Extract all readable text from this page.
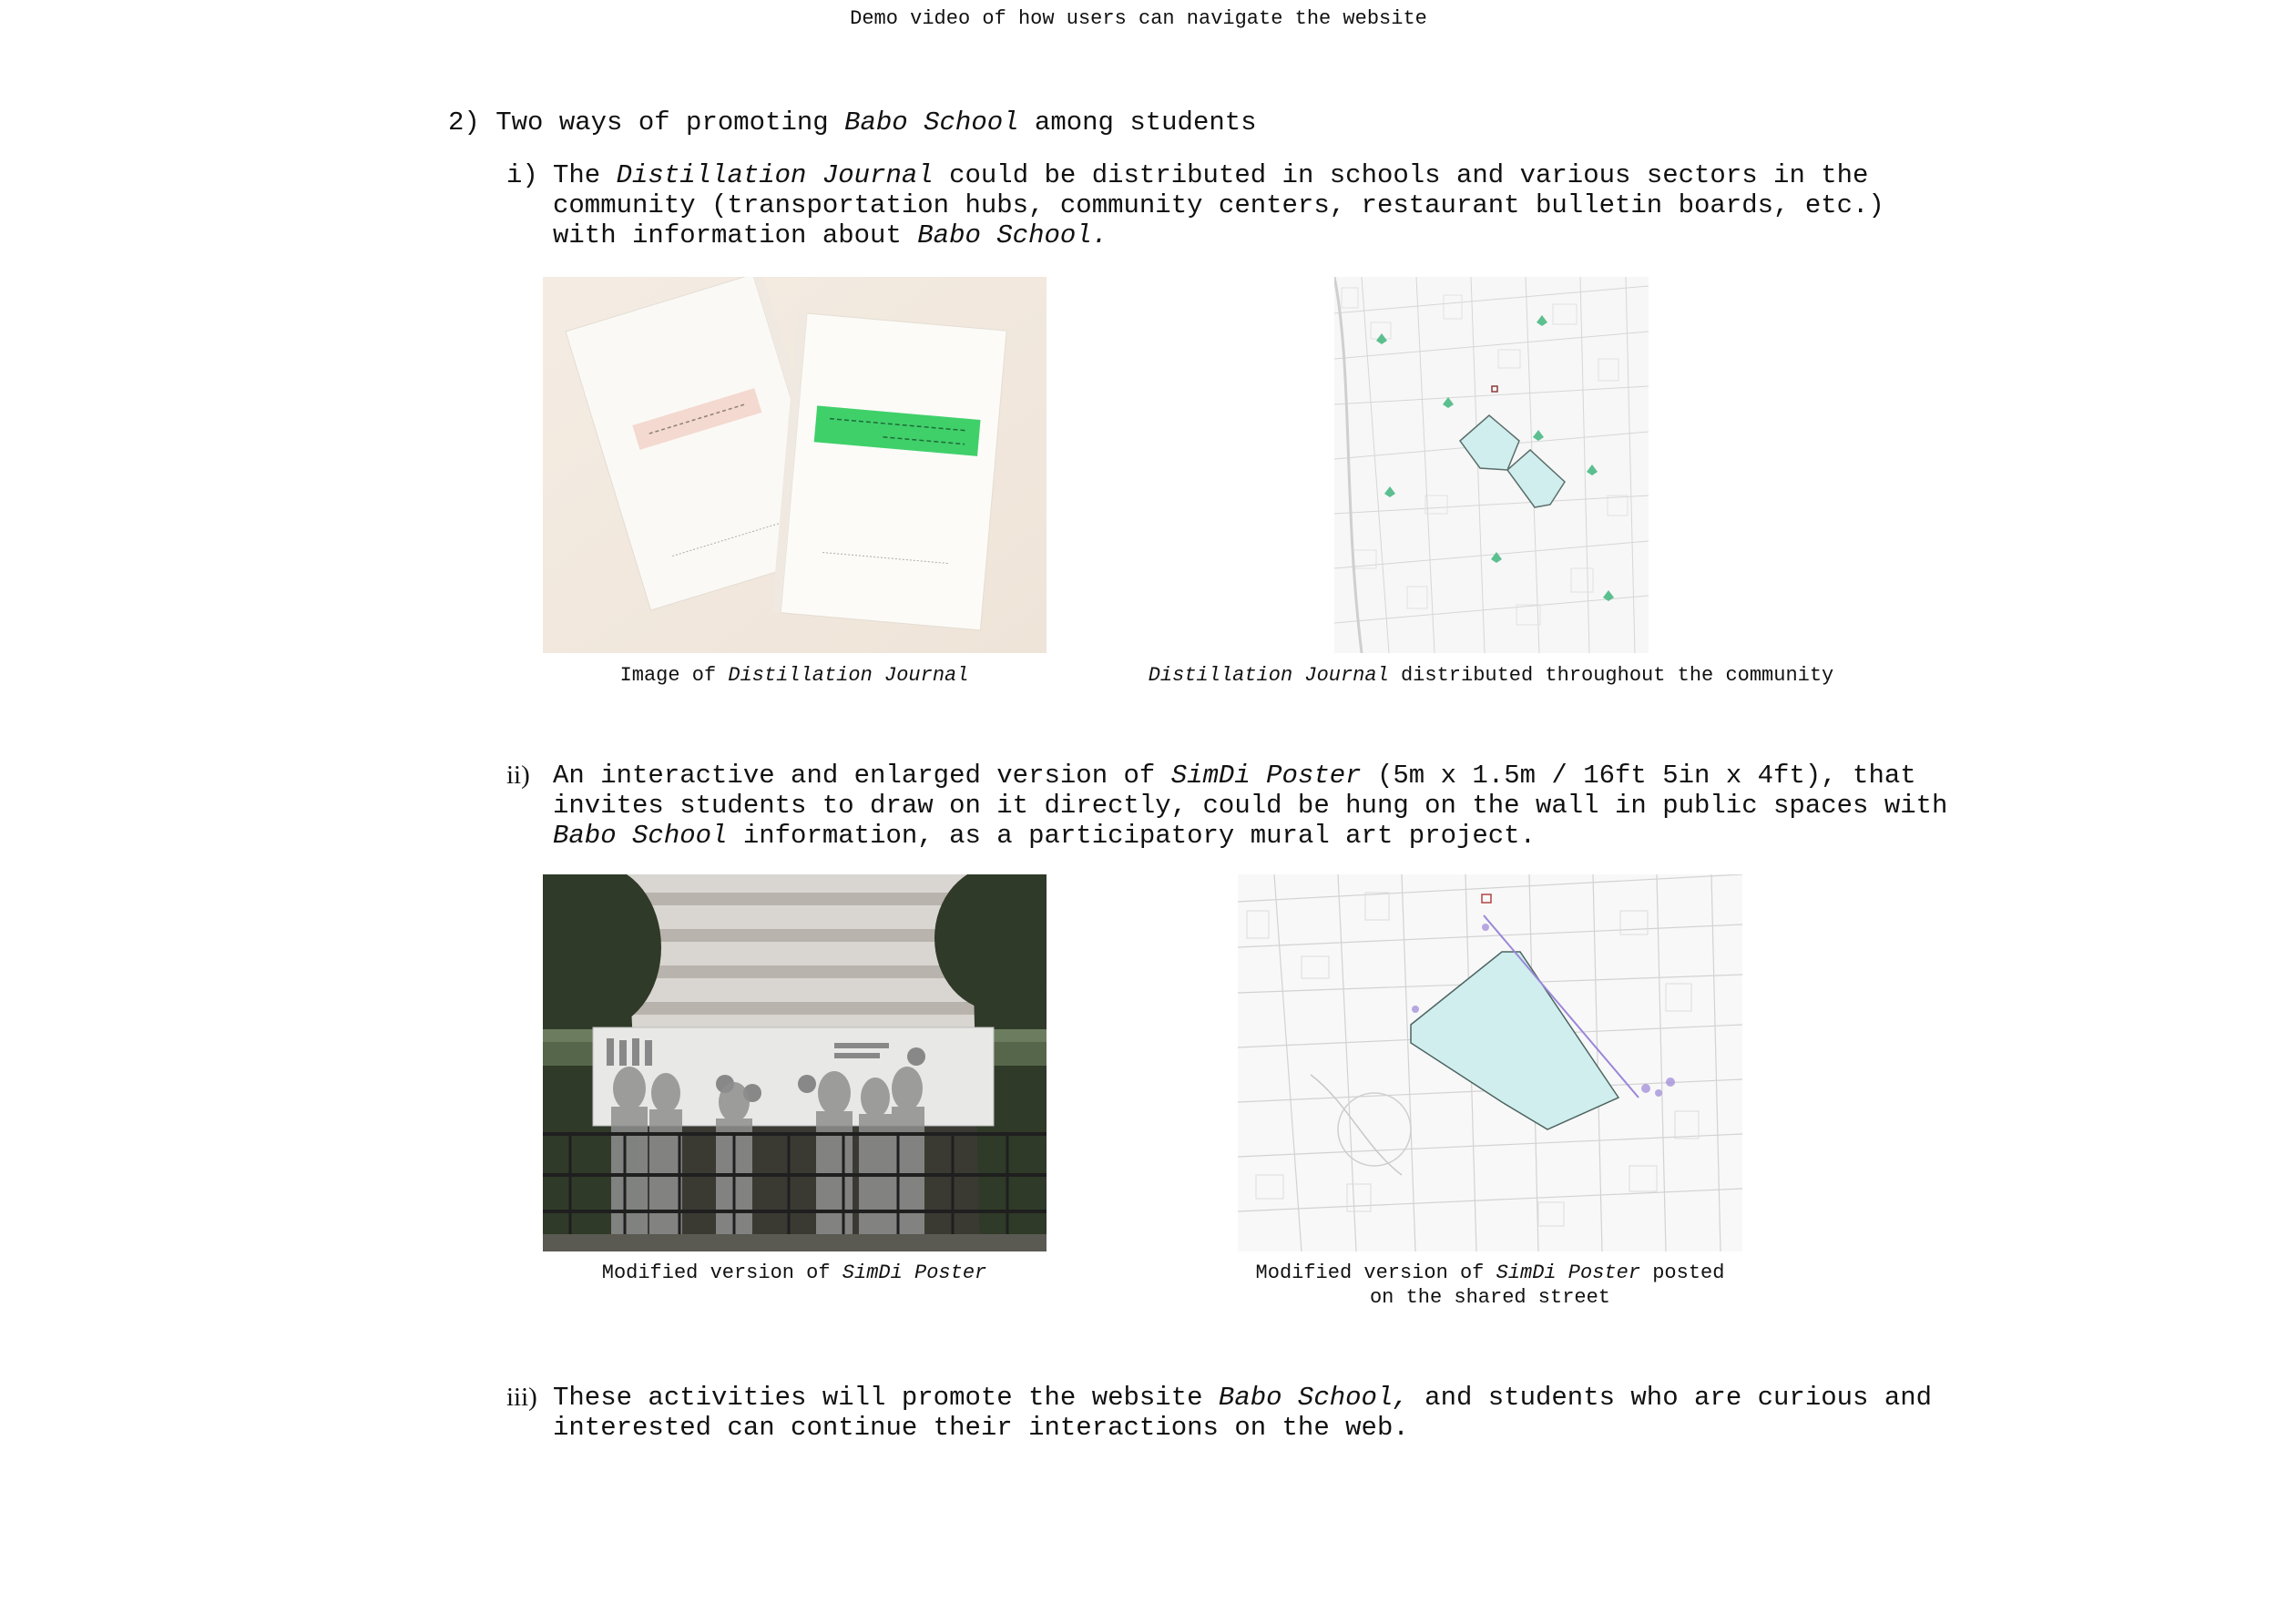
Demo video of how users can navigate the website
2) Two ways of promoting Babo School among students
i) The Distillation Journal could be distributed in schools and various sectors in the
community (transportation hubs, community centers, restaurant bulletin boards, etc.)
with information about Babo School.
Image of Distillation Journal	Distillation Journal distributed throughout the community
ii) An interactive and enlarged version of SimDi Poster (5m x 1.5m / 16ft 5in x 4ft), that
invites students to draw on it directly, could be hung on the wall in public spaces with
Babo School information, as a participatory mural art project.
Modified version of SimDi Poster	Modified version of SimDi Poster posted
on the shared street
iii) These activities will promote the website Babo School, and students who are curious and
interested can continue their interactions on the web.
